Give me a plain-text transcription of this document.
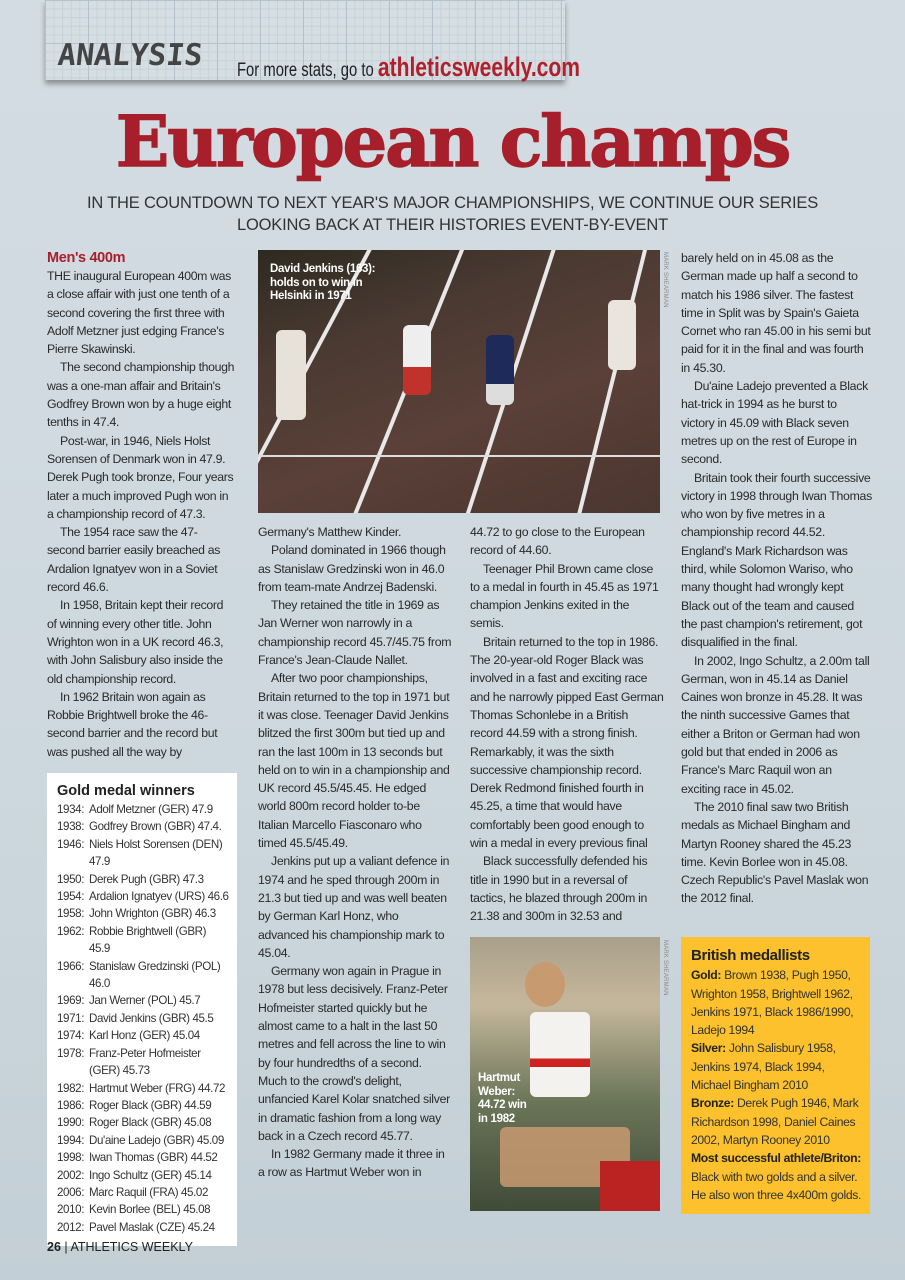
ANALYSIS For more stats, go to athleticsweekly.com
European champs
IN THE COUNTDOWN TO NEXT YEAR'S MAJOR CHAMPIONSHIPS, WE CONTINUE OUR SERIES
LOOKING BACK AT THEIR HISTORIES EVENT-BY-EVENT
Men's 400m

THE inaugural European 400m was a close affair with just one tenth of a second covering the first three with Adolf Metzner just edging France's Pierre Skawinski.

The second championship though was a one-man affair and Britain's Godfrey Brown won by a huge eight tenths in 47.4.

Post-war, in 1946, Niels Holst Sorensen of Denmark won in 47.9. Derek Pugh took bronze, Four years later a much improved Pugh won in a championship record of 47.3.

The 1954 race saw the 47-second barrier easily breached as Ardalion Ignatyev won in a Soviet record 46.6.

In 1958, Britain kept their record of winning every other title. John Wrighton won in a UK record 46.3, with John Salisbury also inside the old championship record.

In 1962 Britain won again as Robbie Brightwell broke the 46-second barrier and the record but was pushed all the way by

Germany's Matthew Kinder.

Poland dominated in 1966 though as Stanislaw Gredzinski won in 46.0 from team-mate Andrzej Badenski.

They retained the title in 1969 as Jan Werner won narrowly in a championship record 45.7/45.75 from France's Jean-Claude Nallet.

After two poor championships, Britain returned to the top in 1971 but it was close. Teenager David Jenkins blitzed the first 300m but tied up and ran the last 100m in 13 seconds but held on to win in a championship and UK record 45.5/45.45. He edged world 800m record holder to-be Italian Marcello Fiasconaro who timed 45.5/45.49.

Jenkins put up a valiant defence in 1974 and he sped through 200m in 21.3 but tied up and was well beaten by German Karl Honz, who advanced his championship mark to 45.04.

Germany won again in Prague in 1978 but less decisively. Franz-Peter Hofmeister started quickly but he almost came to a halt in the last 50 metres and fell across the line to win by four hundredths of a second. Much to the crowd's delight, unfancied Karel Kolar snatched silver in dramatic fashion from a long way back in a Czech record 45.77.

In 1982 Germany made it three in a row as Hartmut Weber won in

44.72 to go close to the European record of 44.60.

Teenager Phil Brown came close to a medal in fourth in 45.45 as 1971 champion Jenkins exited in the semis.

Britain returned to the top in 1986. The 20-year-old Roger Black was involved in a fast and exciting race and he narrowly pipped East German Thomas Schonlebe in a British record 44.59 with a strong finish. Remarkably, it was the sixth successive championship record. Derek Redmond finished fourth in 45.25, a time that would have comfortably been good enough to win a medal in every previous final

Black successfully defended his title in 1990 but in a reversal of tactics, he blazed through 200m in 21.38 and 300m in 32.53 and

barely held on in 45.08 as the German made up half a second to match his 1986 silver. The fastest time in Split was by Spain's Gaieta Cornet who ran 45.00 in his semi but paid for it in the final and was fourth in 45.30.

Du'aine Ladejo prevented a Black hat-trick in 1994 as he burst to victory in 45.09 with Black seven metres up on the rest of Europe in second.

Britain took their fourth successive victory in 1998 through Iwan Thomas who won by five metres in a championship record 44.52. England's Mark Richardson was third, while Solomon Wariso, who many thought had wrongly kept Black out of the team and caused the past champion's retirement, got disqualified in the final.

In 2002, Ingo Schultz, a 2.00m tall German, won in 45.14 as Daniel Caines won bronze in 45.28. It was the ninth successive Games that either a Briton or German had won gold but that ended in 2006 as France's Marc Raquil won an exciting race in 45.02.

The 2010 final saw two British medals as Michael Bingham and Martyn Rooney shared the 45.23 time. Kevin Borlee won in 45.08. Czech Republic's Pavel Maslak won the 2012 final.

David Jenkins (163): holds on to win in Helsinki in 1971	MARK SHEARMAN
Gold medal winners
1934: Adolf Metzner (GER) 47.9
1938: Godfrey Brown (GBR) 47.4.
1946: Niels Holst Sorensen (DEN) 47.9
1950: Derek Pugh (GBR) 47.3
1954: Ardalion Ignatyev (URS) 46.6
1958: John Wrighton (GBR) 46.3
1962: Robbie Brightwell (GBR) 45.9
1966: Stanislaw Gredzinski (POL) 46.0
1969: Jan Werner (POL) 45.7
1971: David Jenkins (GBR) 45.5
1974: Karl Honz (GER) 45.04
1978: Franz-Peter Hofmeister (GER) 45.73
1982: Hartmut Weber (FRG) 44.72
1986: Roger Black (GBR) 44.59
1990: Roger Black (GBR) 45.08
1994: Du'aine Ladejo (GBR) 45.09
1998: Iwan Thomas (GBR) 44.52
2002: Ingo Schultz (GER) 45.14
2006: Marc Raquil (FRA) 45.02
2010: Kevin Borlee (BEL) 45.08
2012: Pavel Maslak (CZE) 45.24
Hartmut Weber: 44.72 win in 1982
MARK SHEARMAN British medallists
Gold: Brown 1938, Pugh 1950, Wrighton 1958, Brightwell 1962, Jenkins 1971, Black 1986/1990, Ladejo 1994
Silver: John Salisbury 1958, Jenkins 1974, Black 1994, Michael Bingham 2010
Bronze: Derek Pugh 1946, Mark Richardson 1998, Daniel Caines 2002, Martyn Rooney 2010
Most successful athlete/Briton:
Black with two golds and a silver. He also won three 4x400m golds.
26 | ATHLETICS WEEKLY
